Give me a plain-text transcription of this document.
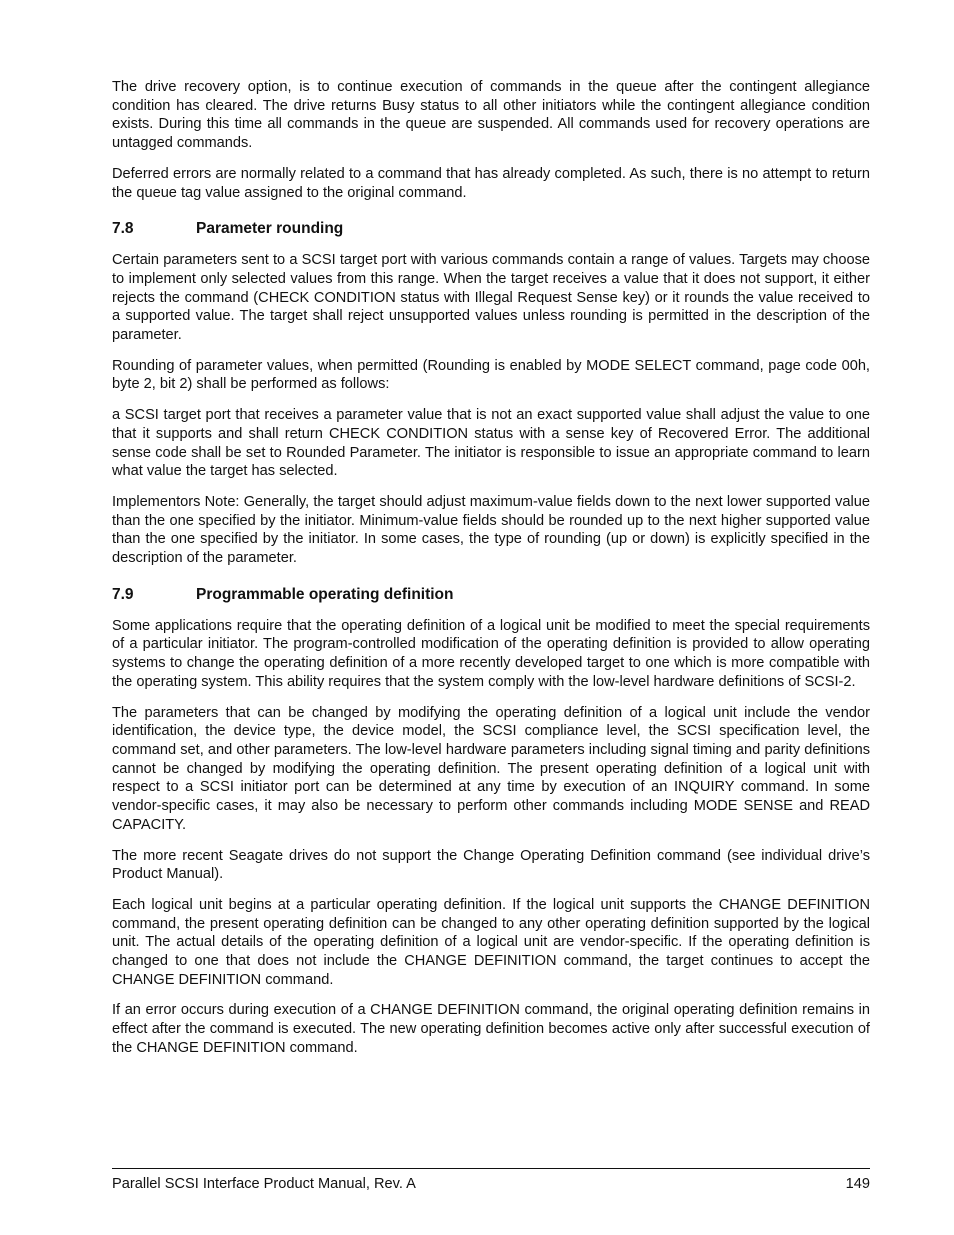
The drive recovery option, is to continue execution of commands in the queue after the contingent allegiance condition has cleared. The drive returns Busy status to all other initiators while the contingent allegiance condition exists. During this time all commands in the queue are suspended. All commands used for recovery operations are untagged commands.

Deferred errors are normally related to a command that has already completed. As such, there is no attempt to return the queue tag value assigned to the original command.

7.8	Parameter rounding

Certain parameters sent to a SCSI target port with various commands contain a range of values. Targets may choose to implement only selected values from this range. When the target receives a value that it does not support, it either rejects the command (CHECK CONDITION status with Illegal Request Sense key) or it rounds the value received to a supported value. The target shall reject unsupported values unless rounding is permitted in the description of the parameter.

Rounding of parameter values, when permitted (Rounding is enabled by MODE SELECT command, page code 00h, byte 2, bit 2) shall be performed as follows:

a SCSI target port that receives a parameter value that is not an exact supported value shall adjust the value to one that it supports and shall return CHECK CONDITION status with a sense key of Recovered Error. The additional sense code shall be set to Rounded Parameter. The initiator is responsible to issue an appropriate command to learn what value the target has selected.

Implementors Note: Generally, the target should adjust maximum-value fields down to the next lower supported value than the one specified by the initiator. Minimum-value fields should be rounded up to the next higher supported value than the one specified by the initiator. In some cases, the type of rounding (up or down) is explicitly specified in the description of the parameter.

7.9	Programmable operating definition

Some applications require that the operating definition of a logical unit be modified to meet the special requirements of a particular initiator. The program-controlled modification of the operating definition is provided to allow operating systems to change the operating definition of a more recently developed target to one which is more compatible with the operating system. This ability requires that the system comply with the low-level hardware definitions of SCSI-2.

The parameters that can be changed by modifying the operating definition of a logical unit include the vendor identification, the device type, the device model, the SCSI compliance level, the SCSI specification level, the command set, and other parameters. The low-level hardware parameters including signal timing and parity definitions cannot be changed by modifying the operating definition. The present operating definition of a logical unit with respect to a SCSI initiator port can be determined at any time by execution of an INQUIRY command. In some vendor-specific cases, it may also be necessary to perform other commands including MODE SENSE and READ CAPACITY.

The more recent Seagate drives do not support the Change Operating Definition command (see individual drive’s Product Manual).

Each logical unit begins at a particular operating definition. If the logical unit supports the CHANGE DEFINITION command, the present operating definition can be changed to any other operating definition supported by the logical unit. The actual details of the operating definition of a logical unit are vendor-specific. If the operating definition is changed to one that does not include the CHANGE DEFINITION command, the target continues to accept the CHANGE DEFINITION command.

If an error occurs during execution of a CHANGE DEFINITION command, the original operating definition remains in effect after the command is executed. The new operating definition becomes active only after successful execution of the CHANGE DEFINITION command.

Parallel SCSI Interface Product Manual, Rev. A	149
